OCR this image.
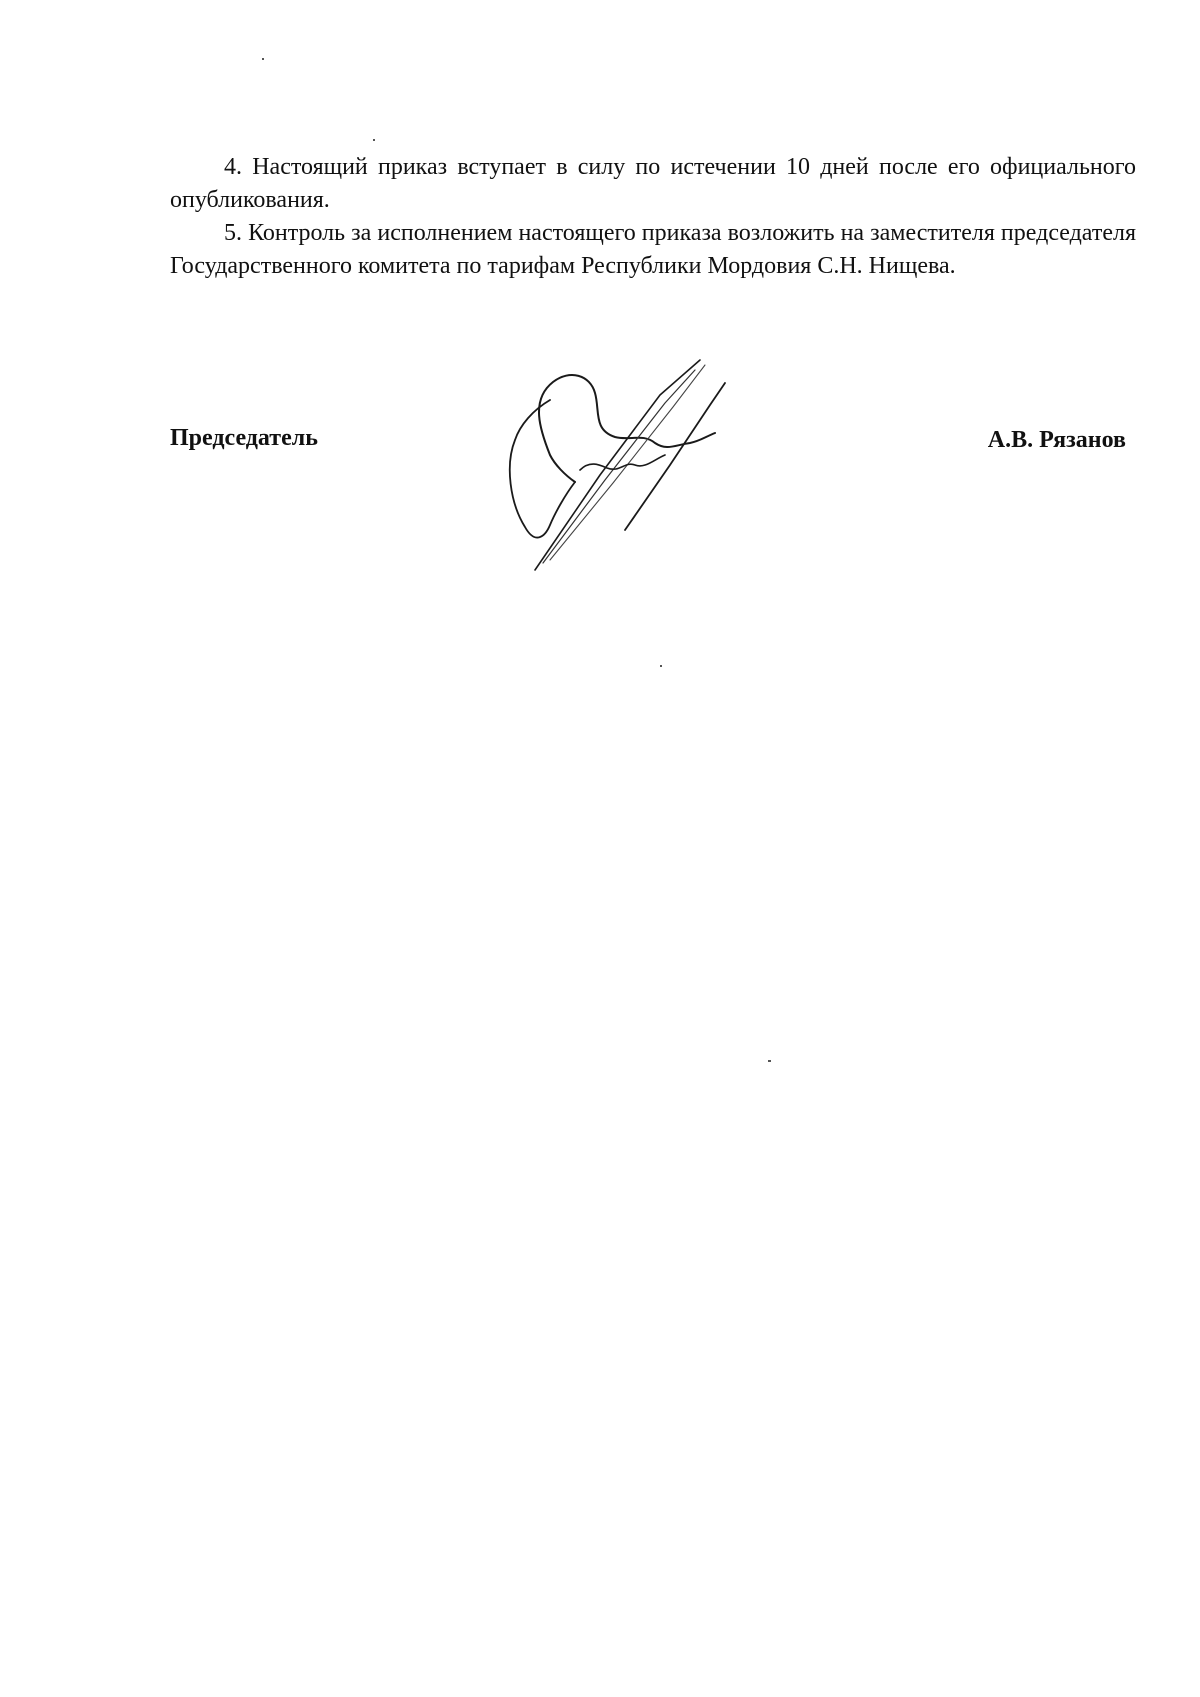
4. Настоящий приказ вступает в силу по истечении 10 дней после его официального опубликования.

5. Контроль за исполнением настоящего приказа возложить на заместителя председателя Государственного комитета по тарифам Республики Мордовия С.Н. Нищева.

Председатель	А.В. Рязанов
